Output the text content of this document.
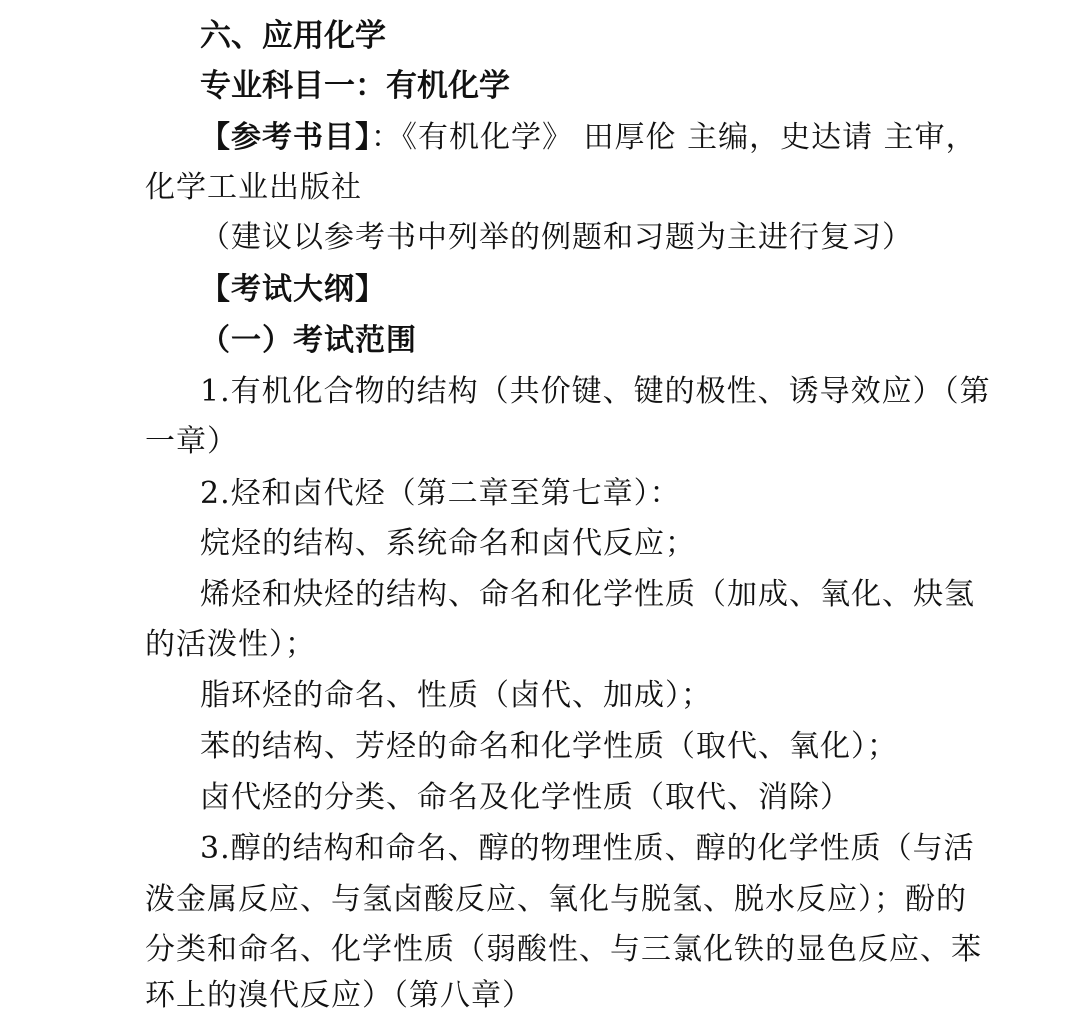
六、应用化学
专业科目一：有机化学
【参考书目】：《有机化学》 田厚伦 主编，史达请 主审，
化学工业出版社
（建议以参考书中列举的例题和习题为主进行复习）
【考试大纲】
（一）考试范围
1.有机化合物的结构（共价键、键的极性、诱导效应）（第
一章）
2.烃和卤代烃（第二章至第七章）：
烷烃的结构、系统命名和卤代反应；
烯烃和炔烃的结构、命名和化学性质（加成、氧化、炔氢
的活泼性）；
脂环烃的命名、性质（卤代、加成）；
苯的结构、芳烃的命名和化学性质（取代、氧化）；
卤代烃的分类、命名及化学性质（取代、消除）
3.醇的结构和命名、醇的物理性质、醇的化学性质（与活
泼金属反应、与氢卤酸反应、氧化与脱氢、脱水反应）；酚的
分类和命名、化学性质（弱酸性、与三氯化铁的显色反应、苯
环上的溴代反应）（第八章）
